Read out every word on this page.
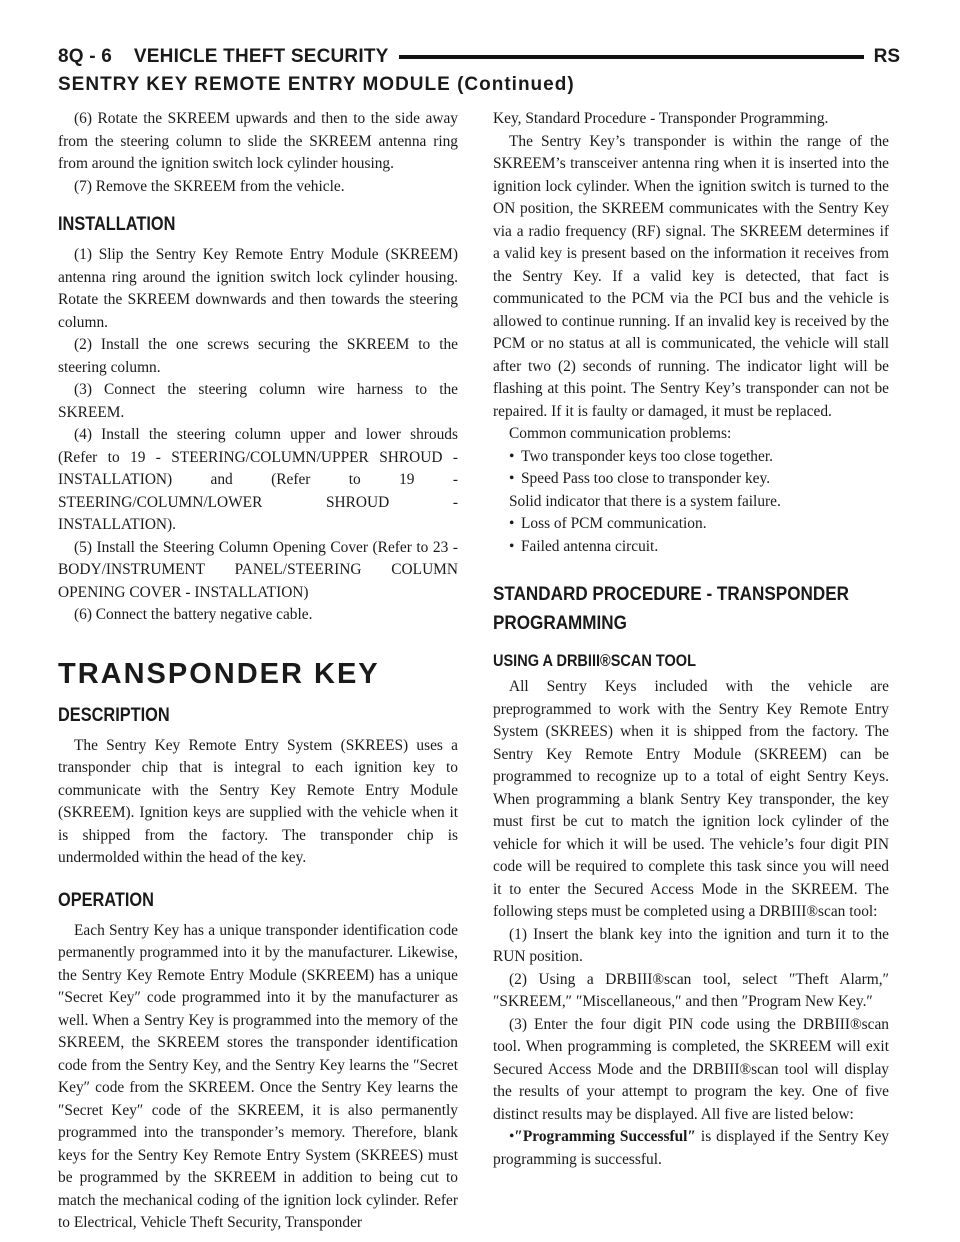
8Q - 6    VEHICLE THEFT SECURITY	RS
SENTRY KEY REMOTE ENTRY MODULE (Continued)

(6) Rotate the SKREEM upwards and then to the side away from the steering column to slide the SKREEM antenna ring from around the ignition switch lock cylinder housing.

(7) Remove the SKREEM from the vehicle.

INSTALLATION

(1) Slip the Sentry Key Remote Entry Module (SKREEM) antenna ring around the ignition switch lock cylinder housing. Rotate the SKREEM downwards and then towards the steering column.

(2) Install the one screws securing the SKREEM to the steering column.

(3) Connect the steering column wire harness to the SKREEM.

(4) Install the steering column upper and lower shrouds (Refer to 19 - STEERING/COLUMN/UPPER SHROUD - INSTALLATION) and (Refer to 19 - STEERING/COLUMN/LOWER SHROUD - INSTALLATION).

(5) Install the Steering Column Opening Cover (Refer to 23 - BODY/INSTRUMENT PANEL/STEERING COLUMN OPENING COVER - INSTALLATION)

(6) Connect the battery negative cable.

TRANSPONDER KEY
DESCRIPTION

The Sentry Key Remote Entry System (SKREES) uses a transponder chip that is integral to each ignition key to communicate with the Sentry Key Remote Entry Module (SKREEM). Ignition keys are supplied with the vehicle when it is shipped from the factory. The transponder chip is undermolded within the head of the key.

OPERATION

Each Sentry Key has a unique transponder identification code permanently programmed into it by the manufacturer. Likewise, the Sentry Key Remote Entry Module (SKREEM) has a unique ″Secret Key″ code programmed into it by the manufacturer as well. When a Sentry Key is programmed into the memory of the SKREEM, the SKREEM stores the transponder identification code from the Sentry Key, and the Sentry Key learns the ″Secret Key″ code from the SKREEM. Once the Sentry Key learns the ″Secret Key″ code of the SKREEM, it is also permanently programmed into the transponder’s memory. Therefore, blank keys for the Sentry Key Remote Entry System (SKREES) must be programmed by the SKREEM in addition to being cut to match the mechanical coding of the ignition lock cylinder. Refer to Electrical, Vehicle Theft Security, Transponder

Key, Standard Procedure - Transponder Programming.

The Sentry Key’s transponder is within the range of the SKREEM’s transceiver antenna ring when it is inserted into the ignition lock cylinder. When the ignition switch is turned to the ON position, the SKREEM communicates with the Sentry Key via a radio frequency (RF) signal. The SKREEM determines if a valid key is present based on the information it receives from the Sentry Key. If a valid key is detected, that fact is communicated to the PCM via the PCI bus and the vehicle is allowed to continue running. If an invalid key is received by the PCM or no status at all is communicated, the vehicle will stall after two (2) seconds of running. The indicator light will be flashing at this point. The Sentry Key’s transponder can not be repaired. If it is faulty or damaged, it must be replaced.

Common communication problems:

• Two transponder keys too close together.

• Speed Pass too close to transponder key.

Solid indicator that there is a system failure.

• Loss of PCM communication.

• Failed antenna circuit.

STANDARD PROCEDURE - TRANSPONDER
PROGRAMMING
USING A DRBIII®SCAN TOOL

All Sentry Keys included with the vehicle are preprogrammed to work with the Sentry Key Remote Entry System (SKREES) when it is shipped from the factory. The Sentry Key Remote Entry Module (SKREEM) can be programmed to recognize up to a total of eight Sentry Keys. When programming a blank Sentry Key transponder, the key must first be cut to match the ignition lock cylinder of the vehicle for which it will be used. The vehicle’s four digit PIN code will be required to complete this task since you will need it to enter the Secured Access Mode in the SKREEM. The following steps must be completed using a DRBIII®scan tool:

(1) Insert the blank key into the ignition and turn it to the RUN position.

(2) Using a DRBIII®scan tool, select ″Theft Alarm,″ ″SKREEM,″ ″Miscellaneous,″ and then ″Program New Key.″

(3) Enter the four digit PIN code using the DRBIII®scan tool. When programming is completed, the SKREEM will exit Secured Access Mode and the DRBIII®scan tool will display the results of your attempt to program the key. One of five distinct results may be displayed. All five are listed below:

•″Programming Successful″ is displayed if the Sentry Key programming is successful.
